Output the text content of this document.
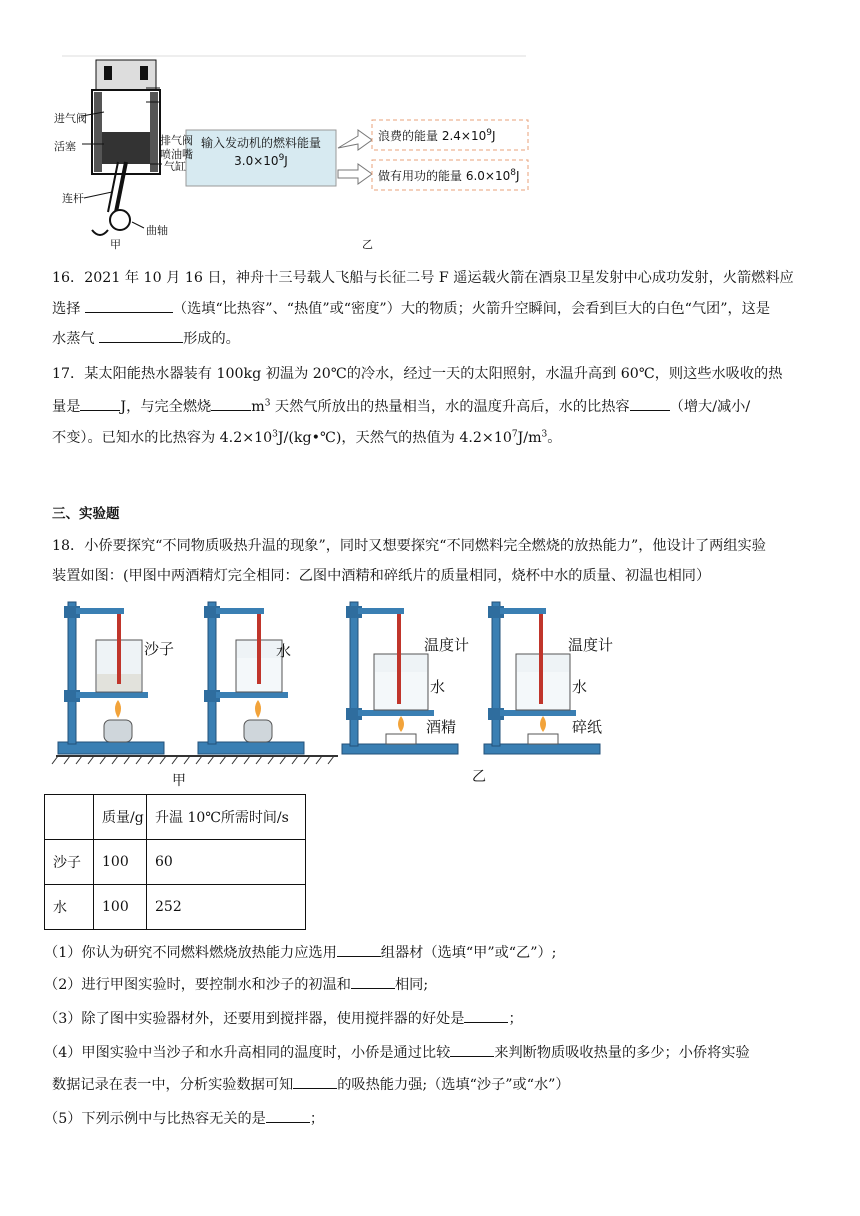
进气阀
排气阀
喷油嘴
活塞
气缸
连杆
曲轴
甲	乙
输入发动机的燃料能量
$3.0\times 10^9J$
浪费的能量 $2.4\times 10^9J$
做有用功的能量 $6.0\times 10^8J$
16．2021 年 10 月 16 日，神舟十三号载人飞船与长征二号 F 遥运载火箭在酒泉卫星发射中心成功发射，火箭燃料应
选择	（选填“比热容”、“热值”或“密度”）大的物质；火箭升空瞬间，会看到巨大的白色“气团”，这是
水蒸气	形成的。
17．某太阳能热水器装有 100kg 初温为 20℃的冷水，经过一天的太阳照射，水温升高到 60℃，则这些水吸收的热
量是	J，与完全燃烧	$m^3$ 天然气所放出的热量相当，水的温度升高后，水的比热容	（增大/减小/
不变）。已知水的比热容为 $4.2\times 10^3J/(kg•℃)$，天然气的热值为 $4.2\times 10^7J/m^3$。
三、实验题
18．小侨要探究“不同物质吸热升温的现象”，同时又想要探究“不同燃料完全燃烧的放热能力”，他设计了两组实验
装置如图：(甲图中两酒精灯完全相同：乙图中酒精和碎纸片的质量相同，烧杯中水的质量、初温也相同）
沙子	水	温度计
水
酒精
温度计
水
碎纸
甲	乙
	质量/g	升温 10℃所需时间/s
沙子	100	60
水	100	252
（1）你认为研究不同燃料燃烧放热能力应选用	组器材（选填“甲”或“乙”）;
（2）进行甲图实验时，要控制水和沙子的初温和	相同;
（3）除了图中实验器材外，还要用到搅拌器，使用搅拌器的好处是	；
（4）甲图实验中当沙子和水升高相同的温度时，小侨是通过比较	来判断物质吸收热量的多少；小侨将实验
数据记录在表一中，分析实验数据可知	的吸热能力强;（选填“沙子”或“水”）
（5）下列示例中与比热容无关的是	；
